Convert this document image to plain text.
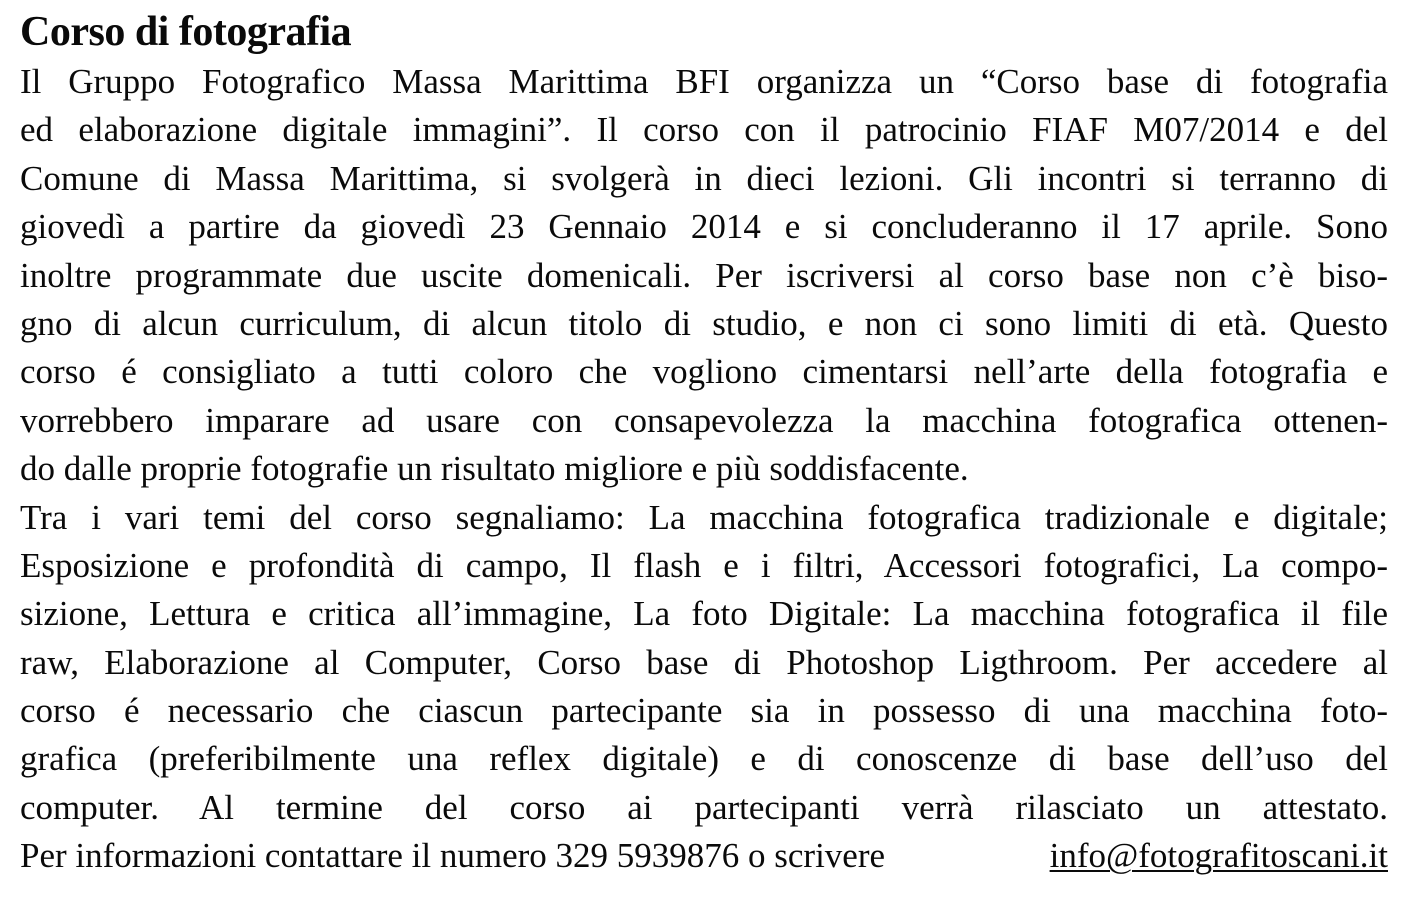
Corso di fotografia
Il Gruppo Fotografico Massa Marittima BFI organizza un “Corso base di fotografia
ed elaborazione digitale immagini”. Il corso con il patrocinio FIAF M07/2014 e del
Comune di Massa Marittima, si svolgerà in dieci lezioni. Gli incontri si terranno di
giovedì a partire da giovedì 23 Gennaio 2014 e si concluderanno il 17 aprile. Sono
inoltre programmate due uscite domenicali. Per iscriversi al corso base non c’è biso-
gno di alcun curriculum, di alcun titolo di studio, e non ci sono limiti di età. Questo
corso é consigliato a tutti coloro che vogliono cimentarsi nell’arte della fotografia e
vorrebbero imparare ad usare con consapevolezza la macchina fotografica ottenen-
do dalle proprie fotografie un risultato migliore e più soddisfacente.
Tra i vari temi del corso segnaliamo: La macchina fotografica tradizionale e digitale;
Esposizione e profondità di campo, Il flash e i filtri, Accessori fotografici, La compo-
sizione, Lettura e critica all’immagine, La foto Digitale: La macchina fotografica il file
raw, Elaborazione al Computer, Corso base di Photoshop Ligthroom. Per accedere al
corso é necessario che ciascun partecipante sia in possesso di una macchina foto-
grafica (preferibilmente una reflex digitale) e di conoscenze di base dell’uso del
computer. Al termine del corso ai partecipanti verrà rilasciato un attestato.
Per informazioni contattare il numero 329 5939876 o scrivere	info@fotografitoscani.it
